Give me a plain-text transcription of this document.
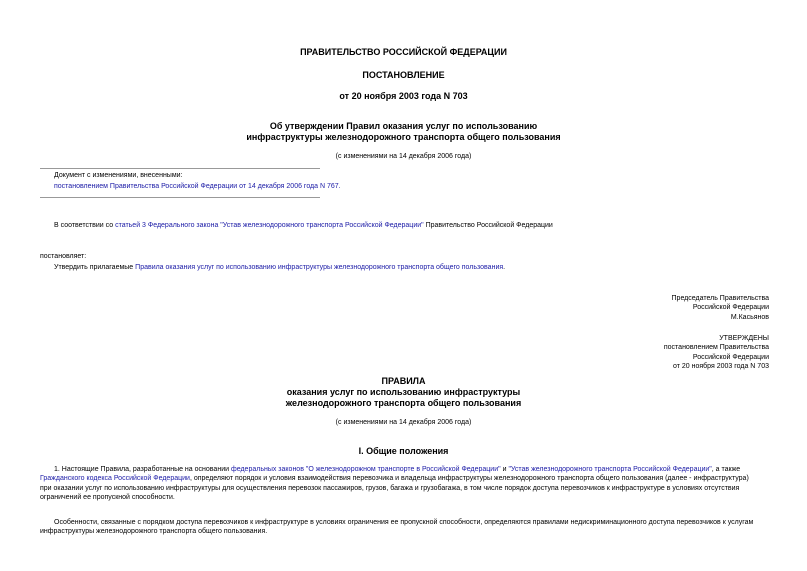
ПРАВИТЕЛЬСТВО РОССИЙСКОЙ ФЕДЕРАЦИИ
ПОСТАНОВЛЕНИЕ
от 20 ноября 2003 года N 703
Об утверждении Правил оказания услуг по использованию
инфраструктуры железнодорожного транспорта общего пользования
(с изменениями на 14 декабря 2006 года)
Документ с изменениями, внесенными:
постановлением Правительства Российской Федерации от 14 декабря 2006 года N 767.
В соответствии со статьей 3 Федерального закона "Устав железнодорожного транспорта Российской Федерации" Правительство Российской Федерации
постановляет:
Утвердить прилагаемые Правила оказания услуг по использованию инфраструктуры железнодорожного транспорта общего пользования.
Председатель Правительства
Российской Федерации
М.Касьянов
УТВЕРЖДЕНЫ
постановлением Правительства
Российской Федерации
от 20 ноября 2003 года N 703
ПРАВИЛА
оказания услуг по использованию инфраструктуры
железнодорожного транспорта общего пользования
(с изменениями на 14 декабря 2006 года)
I. Общие положения
1. Настоящие Правила, разработанные на основании федеральных законов "О железнодорожном транспорте в Российской Федерации" и "Устав железнодорожного транспорта Российской Федерации", а также
Гражданского кодекса Российской Федерации, определяют порядок и условия взаимодействия перевозчика и владельца инфраструктуры железнодорожного транспорта общего пользования (далее - инфраструктура)
при оказании услуг по использованию инфраструктуры для осуществления перевозок пассажиров, грузов, багажа и грузобагажа, в том числе порядок доступа перевозчиков к инфраструктуре в условиях отсутствия
ограничений ее пропускной способности.
Особенности, связанные с порядком доступа перевозчиков к инфраструктуре в условиях ограничения ее пропускной способности, определяются правилами недискриминационного доступа перевозчиков к услугам
инфраструктуры железнодорожного транспорта общего пользования.
